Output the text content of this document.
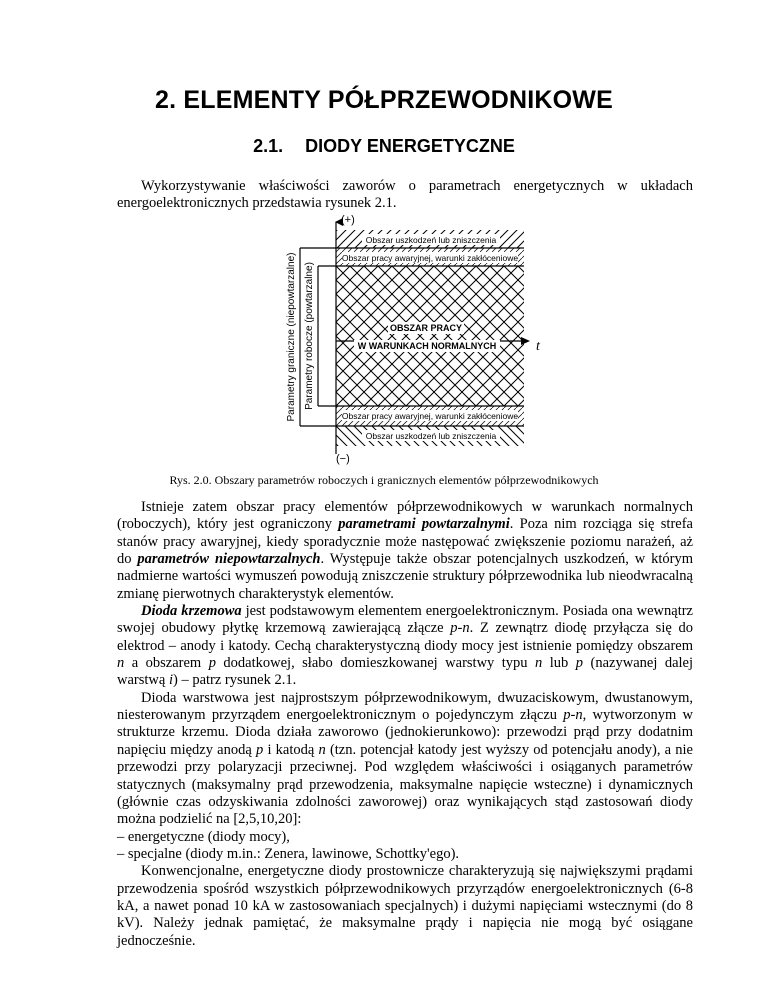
2. ELEMENTY PÓŁPRZEWODNIKOWE
2.1. DIODY ENERGETYCZNE
Wykorzystywanie właściwości zaworów o parametrach energetycznych w układach energoelektronicznych przedstawia rysunek 2.1.
(+)
(−)
t
Obszar uszkodzeń lub zniszczenia
Obszar pracy awaryjnej, warunki zakłóceniowe
OBSZAR PRACY
W WARUNKACH NORMALNYCH
Obszar pracy awaryjnej, warunki zakłóceniowe
Obszar uszkodzeń lub zniszczenia
Parametry graniczne (niepowtarzalne) Parametry robocze (powtarzalne)
Rys. 2.0. Obszary parametrów roboczych i granicznych elementów półprzewodnikowych

Istnieje zatem obszar pracy elementów półprzewodnikowych w warunkach normalnych (roboczych), który jest ograniczony parametrami powtarzalnymi. Poza nim rozciąga się strefa stanów pracy awaryjnej, kiedy sporadycznie może następować zwiększenie poziomu narażeń, aż do parametrów niepowtarzalnych. Występuje także obszar potencjalnych uszkodzeń, w którym nadmierne wartości wymuszeń powodują zniszczenie struktury półprzewodnika lub nieodwracalną zmianę pierwotnych charakterystyk elementów.

Dioda krzemowa jest podstawowym elementem energoelektronicznym. Posiada ona wewnątrz swojej obudowy płytkę krzemową zawierającą złącze p-n. Z zewnątrz diodę przyłącza się do elektrod – anody i katody. Cechą charakterystyczną diody mocy jest istnienie pomiędzy obszarem n a obszarem p dodatkowej, słabo domieszkowanej warstwy typu n lub p (nazywanej dalej warstwą i) – patrz rysunek 2.1.

Dioda warstwowa jest najprostszym półprzewodnikowym, dwuzaciskowym, dwustanowym, niesterowanym przyrządem energoelektronicznym o pojedynczym złączu p-n, wytworzonym w strukturze krzemu. Dioda działa zaworowo (jednokierunkowo): przewodzi prąd przy dodatnim napięciu między anodą p i katodą n (tzn. potencjał katody jest wyższy od potencjału anody), a nie przewodzi przy polaryzacji przeciwnej. Pod względem właściwości i osiąganych parametrów statycznych (maksymalny prąd przewodzenia, maksymalne napięcie wsteczne) i dynamicznych (głównie czas odzyskiwania zdolności zaworowej) oraz wynikających stąd zastosowań diody można podzielić na [2,5,10,20]:

– energetyczne (diody mocy),

– specjalne (diody m.in.: Zenera, lawinowe, Schottky'ego).

Konwencjonalne, energetyczne diody prostownicze charakteryzują się największymi prądami przewodzenia spośród wszystkich półprzewodnikowych przyrządów energoelektronicznych (6-8 kA, a nawet ponad 10 kA w zastosowaniach specjalnych) i dużymi napięciami wstecznymi (do 8 kV). Należy jednak pamiętać, że maksymalne prądy i napięcia nie mogą być osiągane jednocześnie.
